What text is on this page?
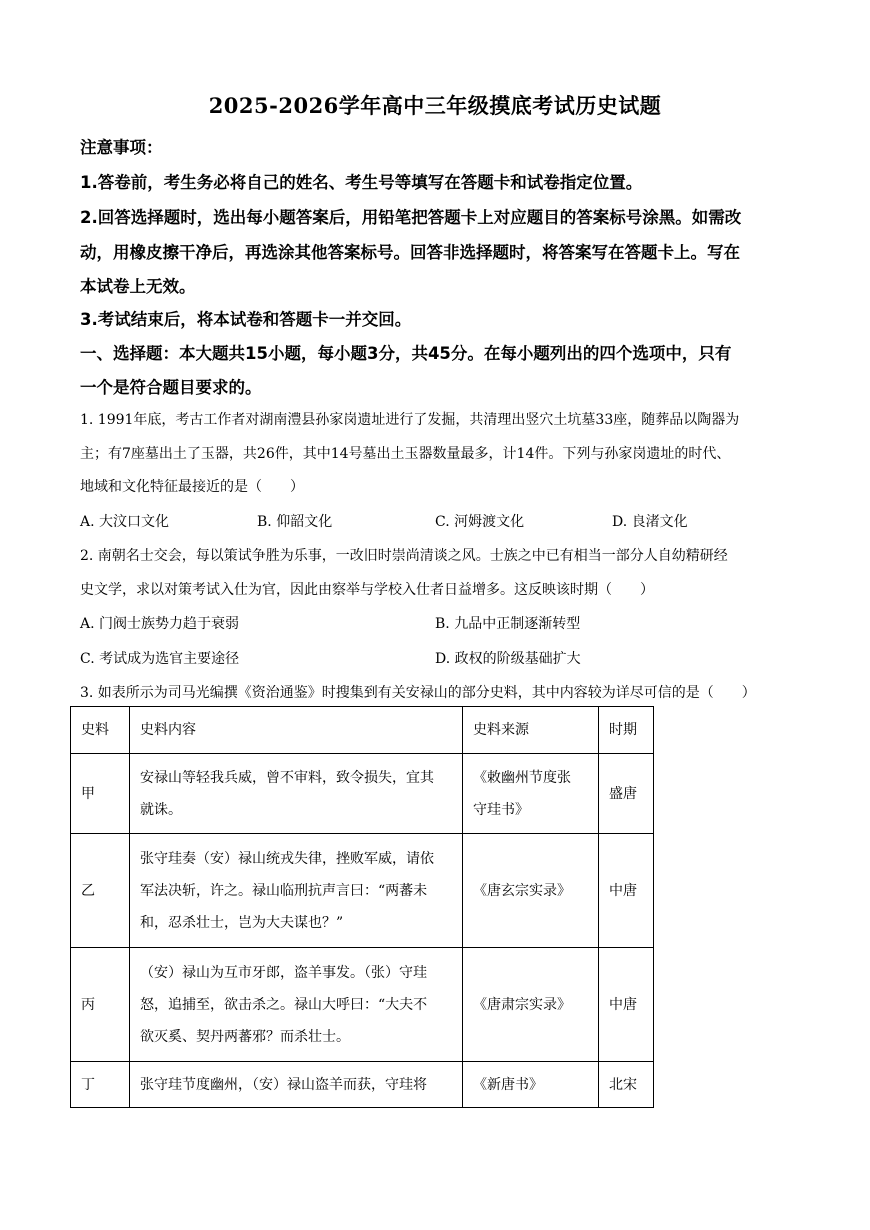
2025-2026学年高中三年级摸底考试历史试题
注意事项：
1.答卷前，考生务必将自己的姓名、考生号等填写在答题卡和试卷指定位置。
2.回答选择题时，选出每小题答案后，用铅笔把答题卡上对应题目的答案标号涂黑。如需改
动，用橡皮擦干净后，再选涂其他答案标号。回答非选择题时，将答案写在答题卡上。写在
本试卷上无效。
3.考试结束后，将本试卷和答题卡一并交回。
一、选择题：本大题共15小题，每小题3分，共45分。在每小题列出的四个选项中，只有
一个是符合题目要求的。
1. 1991年底，考古工作者对湖南澧县孙家岗遗址进行了发掘，共清理出竖穴土坑墓33座，随葬品以陶器为
主；有7座墓出土了玉器，共26件，其中14号墓出土玉器数量最多，计14件。下列与孙家岗遗址的时代、
地域和文化特征最接近的是（　　）
A. 大汶口文化	B. 仰韶文化	C. 河姆渡文化	D. 良渚文化
2. 南朝名士交会，每以策试争胜为乐事，一改旧时崇尚清谈之风。士族之中已有相当一部分人自幼精研经
史文学，求以对策考试入仕为官，因此由察举与学校入仕者日益增多。这反映该时期（　　）
A. 门阀士族势力趋于衰弱	B. 九品中正制逐渐转型
C. 考试成为选官主要途径	D. 政权的阶级基础扩大
3. 如表所示为司马光编撰《资治通鉴》时搜集到有关安禄山的部分史料，其中内容较为详尽可信的是（　　）
史料	史料内容	史料来源	时期
甲	安禄山等轻我兵威，曾不审料，致令损失，宜其
就诛。	《敕幽州节度张
守珪书》	盛唐
乙	张守珪奏（安）禄山统戎失律，挫败军威，请依
军法决斩，许之。禄山临刑抗声言曰：“两蕃未
和，忍杀壮士，岂为大夫谋也？”	《唐玄宗实录》	中唐
丙	（安）禄山为互市牙郎，盗羊事发。（张）守珪
怒，追捕至，欲击杀之。禄山大呼曰：“大夫不
欲灭奚、契丹两蕃邪？而杀壮士。	《唐肃宗实录》	中唐
丁	张守珪节度幽州，（安）禄山盗羊而获，守珪将	《新唐书》	北宋
